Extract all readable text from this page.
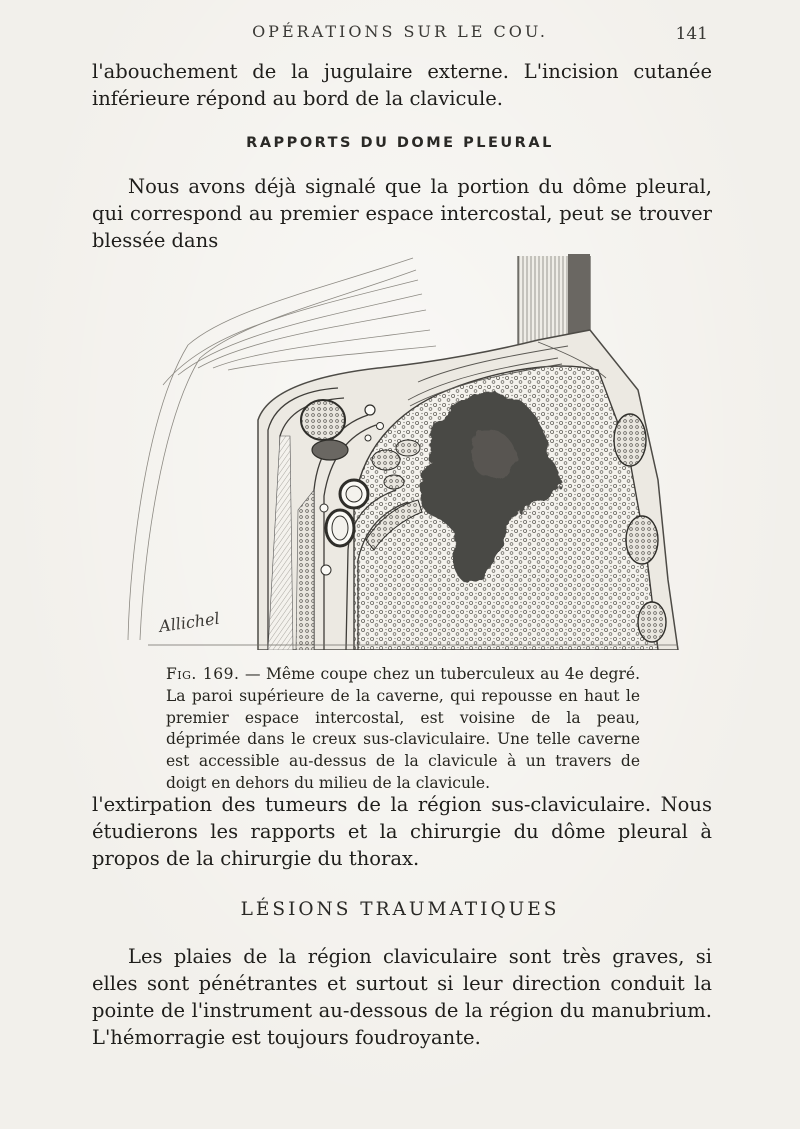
OPÉRATIONS SUR LE COU.	141

l'abouchement de la jugulaire externe. L'incision cutanée inférieure répond au bord de la clavicule.

RAPPORTS DU DOME PLEURAL

Nous avons déjà signalé que la portion du dôme pleural, qui correspond au premier espace intercostal, peut se trouver blessée dans

Allichel
Fig. 169. — Même coupe chez un tuberculeux au 4e degré. La paroi supérieure de la caverne, qui repousse en haut le premier espace intercostal, est voisine de la peau, déprimée dans le creux sus-claviculaire. Une telle caverne est accessible au-dessus de la clavicule à un travers de doigt en dehors du milieu de la clavicule.

l'extirpation des tumeurs de la région sus-claviculaire. Nous étudierons les rapports et la chirurgie du dôme pleural à propos de la chirurgie du thorax.

LÉSIONS TRAUMATIQUES

Les plaies de la région claviculaire sont très graves, si elles sont pénétrantes et surtout si leur direction conduit la pointe de l'instrument au-dessous de la région du manubrium. L'hémorragie est toujours foudroyante.
